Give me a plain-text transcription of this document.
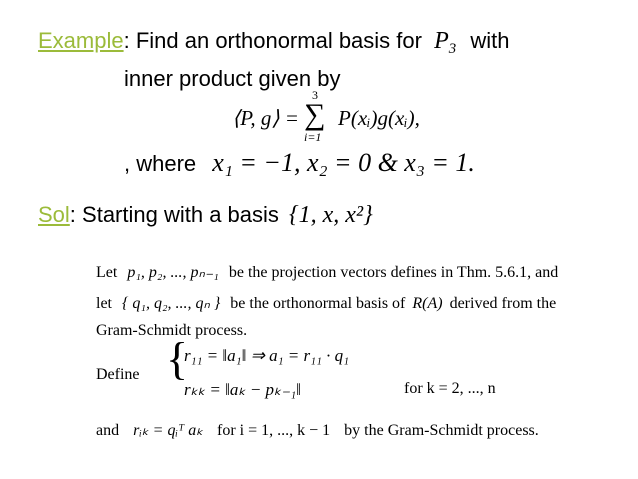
Example: Find an orthonormal basis for $P_3$ with
inner product given by
⟨P, g⟩ =
3
∑
i=1
P(xᵢ)g(xᵢ),
, where x₁ = −1, x₂ = 0 & x₃ = 1.
Sol: Starting with a basis {1, x, x²}
Let p₁, p₂, ..., pₙ₋₁ be the projection vectors defines in Thm. 5.6.1, and
let { q₁, q₂, ..., qₙ } be the orthonormal basis of R(A) derived from the
Gram-Schmidt process.
Define {
r₁₁ = ‖a₁‖ ⇒ a₁ = r₁₁ · q₁
rₖₖ = ‖aₖ − pₖ₋₁‖	for k = 2, ..., n
and rᵢₖ = qᵢᵀ aₖ for i = 1, ..., k − 1 by the Gram-Schmidt process.
